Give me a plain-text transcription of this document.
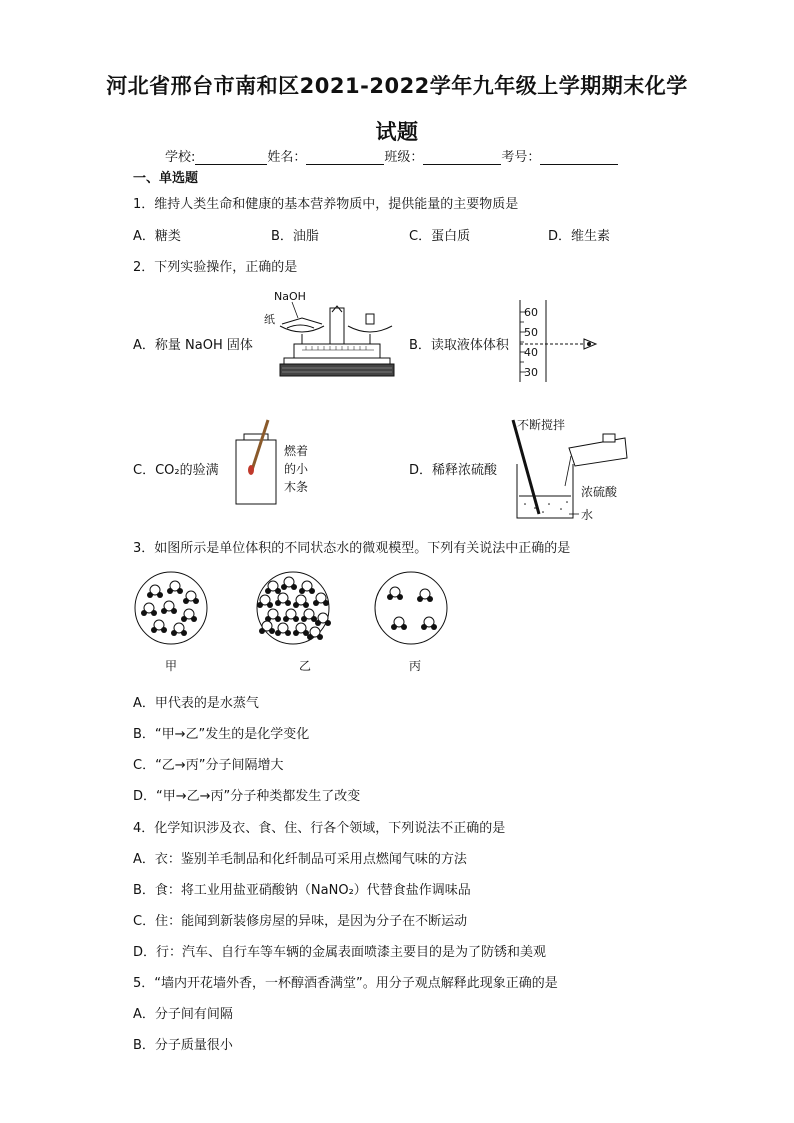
河北省邢台市南和区2021-2022学年九年级上学期期末化学
试题
学校:	姓名：	班级：	考号：
一、单选题
1．维持人类生命和健康的基本营养物质中，提供能量的主要物质是
A．糖类	B．油脂	C．蛋白质	D．维生素
2．下列实验操作，正确的是
A．称量 NaOH 固体	B．读取液体体积
C．CO₂的验满	D．稀释浓硫酸
NaOH
纸
60
50
40
30
燃着
的小
木条
不断搅拌
浓硫酸
水
3．如图所示是单位体积的不同状态水的微观模型。下列有关说法中正确的是
甲	乙	丙
A．甲代表的是水蒸气
B．“甲→乙”发生的是化学变化
C．“乙→丙”分子间隔增大
D．“甲→乙→丙”分子种类都发生了改变
4．化学知识涉及衣、食、住、行各个领域，下列说法不正确的是
A．衣：鉴别羊毛制品和化纤制品可采用点燃闻气味的方法
B．食：将工业用盐亚硝酸钠（NaNO₂）代替食盐作调味品
C．住：能闻到新装修房屋的异味，是因为分子在不断运动
D．行：汽车、自行车等车辆的金属表面喷漆主要目的是为了防锈和美观
5．“墙内开花墙外香，一杯醇酒香满堂”。用分子观点解释此现象正确的是
A．分子间有间隔
B．分子质量很小
